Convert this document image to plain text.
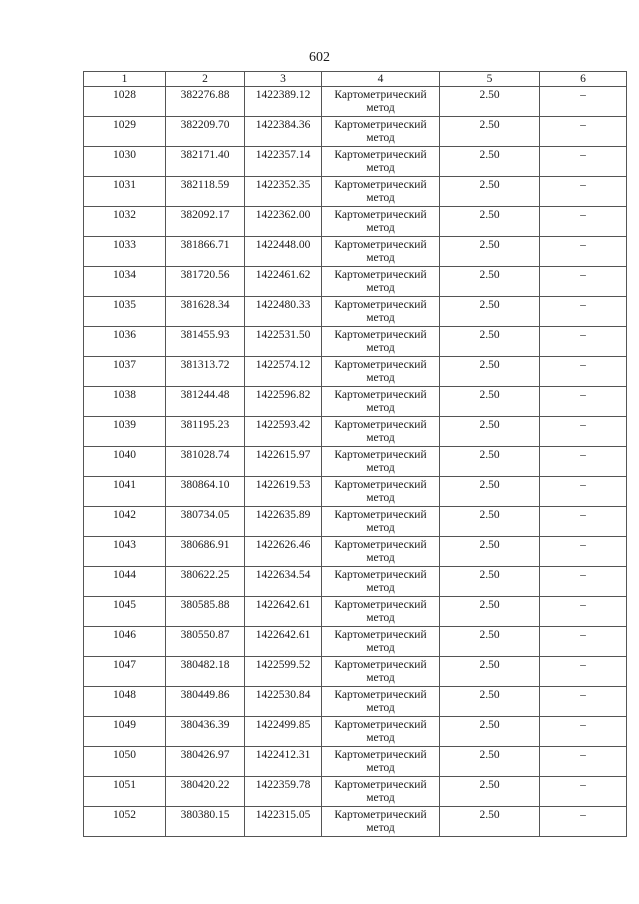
602
1	2	3	4	5	6
1028	382276.88	1422389.12	Картометрический метод	2.50	–
1029	382209.70	1422384.36	Картометрический метод	2.50	–
1030	382171.40	1422357.14	Картометрический метод	2.50	–
1031	382118.59	1422352.35	Картометрический метод	2.50	–
1032	382092.17	1422362.00	Картометрический метод	2.50	–
1033	381866.71	1422448.00	Картометрический метод	2.50	–
1034	381720.56	1422461.62	Картометрический метод	2.50	–
1035	381628.34	1422480.33	Картометрический метод	2.50	–
1036	381455.93	1422531.50	Картометрический метод	2.50	–
1037	381313.72	1422574.12	Картометрический метод	2.50	–
1038	381244.48	1422596.82	Картометрический метод	2.50	–
1039	381195.23	1422593.42	Картометрический метод	2.50	–
1040	381028.74	1422615.97	Картометрический метод	2.50	–
1041	380864.10	1422619.53	Картометрический метод	2.50	–
1042	380734.05	1422635.89	Картометрический метод	2.50	–
1043	380686.91	1422626.46	Картометрический метод	2.50	–
1044	380622.25	1422634.54	Картометрический метод	2.50	–
1045	380585.88	1422642.61	Картометрический метод	2.50	–
1046	380550.87	1422642.61	Картометрический метод	2.50	–
1047	380482.18	1422599.52	Картометрический метод	2.50	–
1048	380449.86	1422530.84	Картометрический метод	2.50	–
1049	380436.39	1422499.85	Картометрический метод	2.50	–
1050	380426.97	1422412.31	Картометрический метод	2.50	–
1051	380420.22	1422359.78	Картометрический метод	2.50	–
1052	380380.15	1422315.05	Картометрический метод	2.50	–
